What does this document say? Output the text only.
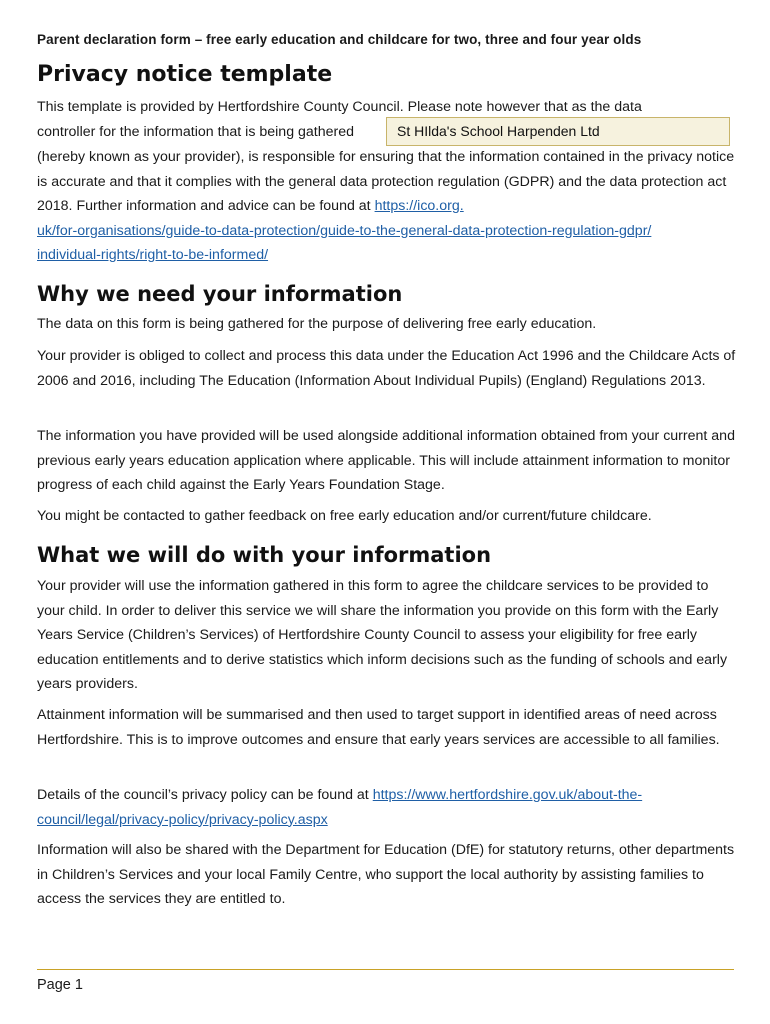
Parent declaration form – free early education and childcare for two, three and four year olds
Privacy notice template

This template is provided by Hertfordshire County Council. Please note however that as the data
controller for the information that is being gathered	St HIlda's School Harpenden Ltd

(hereby known as your provider), is responsible for ensuring that the information contained in the privacy notice is accurate and that it complies with the general data protection regulation (GDPR) and the data protection act 2018. Further information and advice can be found at https://ico.org.
uk/for-organisations/guide-to-data-protection/guide-to-the-general-data-protection-regulation-gdpr/
individual-rights/right-to-be-informed/

Why we need your information

The data on this form is being gathered for the purpose of delivering free early education.

Your provider is obliged to collect and process this data under the Education Act 1996 and the Childcare Acts of 2006 and 2016, including The Education (Information About Individual Pupils) (England) Regulations 2013.

The information you have provided will be used alongside additional information obtained from your current and previous early years education application where applicable. This will include attainment information to monitor progress of each child against the Early Years Foundation Stage.

You might be contacted to gather feedback on free early education and/or current/future childcare.

What we will do with your information

Your provider will use the information gathered in this form to agree the childcare services to be provided to your child. In order to deliver this service we will share the information you provide on this form with the Early Years Service (Children’s Services) of Hertfordshire County Council to assess your eligibility for free early education entitlements and to derive statistics which inform decisions such as the funding of schools and early years providers.

Attainment information will be summarised and then used to target support in identified areas of need across Hertfordshire. This is to improve outcomes and ensure that early years services are accessible to all families.

Details of the council’s privacy policy can be found at https://www.hertfordshire.gov.uk/about-the-
council/legal/privacy-policy/privacy-policy.aspx

Information will also be shared with the Department for Education (DfE) for statutory returns, other departments in Children’s Services and your local Family Centre, who support the local authority by assisting families to access the services they are entitled to.

Page 1
